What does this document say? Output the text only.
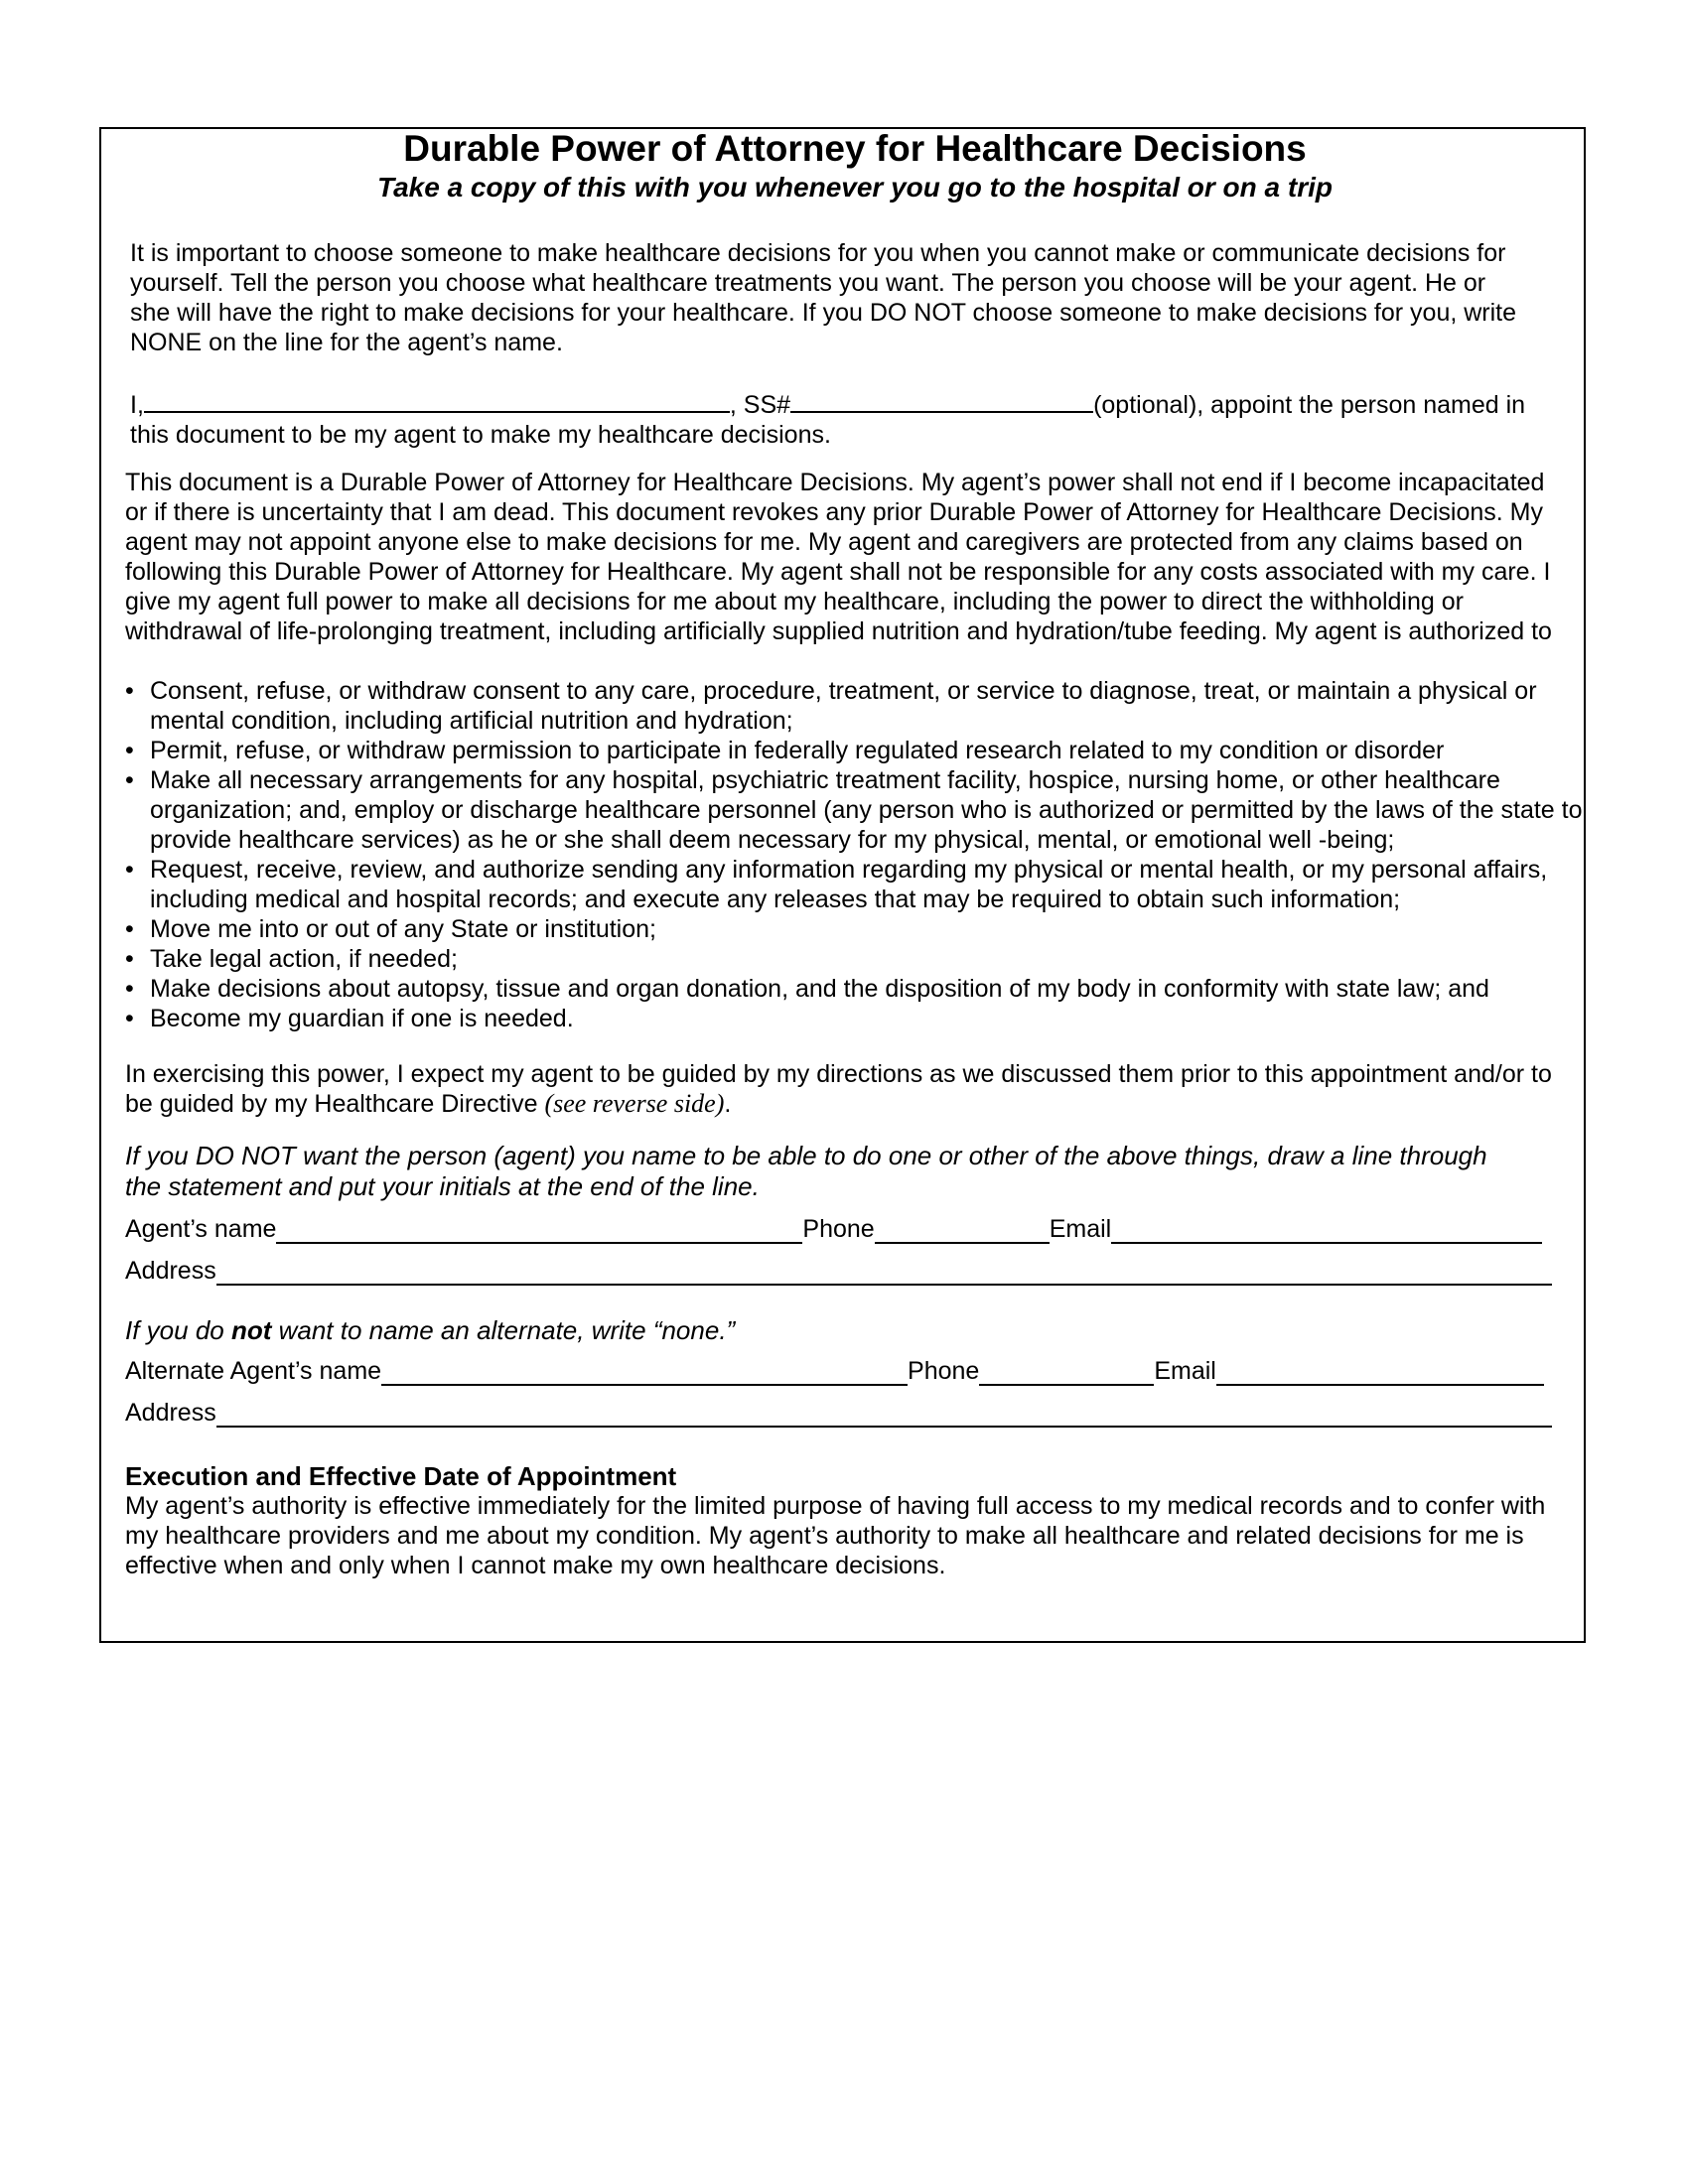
Durable Power of Attorney for Healthcare Decisions
Take a copy of this with you whenever you go to the hospital or on a trip

It is important to choose someone to make healthcare decisions for you when you cannot make or communicate decisions for yourself. Tell the person you choose what healthcare treatments you want. The person you choose will be your agent. He or she will have the right to make decisions for your healthcare. If you DO NOT choose someone to make decisions for you, write NONE on the line for the agent’s name.

I,	, SS#	(optional), appoint the person named in this document to be my agent to make my healthcare decisions.

This document is a Durable Power of Attorney for Healthcare Decisions. My agent’s power shall not end if I become incapacitated or if there is uncertainty that I am dead. This document revokes any prior Durable Power of Attorney for Healthcare Decisions. My agent may not appoint anyone else to make decisions for me. My agent and caregivers are protected from any claims based on following this Durable Power of Attorney for Healthcare. My agent shall not be responsible for any costs associated with my care. I give my agent full power to make all decisions for me about my healthcare, including the power to direct the withholding or withdrawal of life-prolonging treatment, including artificially supplied nutrition and hydration/tube feeding. My agent is authorized to

• Consent, refuse, or withdraw consent to any care, procedure, treatment, or service to diagnose, treat, or maintain a physical or mental condition, including artificial nutrition and hydration;
• Permit, refuse, or withdraw permission to participate in federally regulated research related to my condition or disorder
• Make all necessary arrangements for any hospital, psychiatric treatment facility, hospice, nursing home, or other healthcare organization; and, employ or discharge healthcare personnel (any person who is authorized or permitted by the laws of the state to provide healthcare services) as he or she shall deem necessary for my physical, mental, or emotional well -being;
• Request, receive, review, and authorize sending any information regarding my physical or mental health, or my personal affairs, including medical and hospital records; and execute any releases that may be required to obtain such information;
• Move me into or out of any State or institution;
• Take legal action, if needed;
• Make decisions about autopsy, tissue and organ donation, and the disposition of my body in conformity with state law; and
• Become my guardian if one is needed.

In exercising this power, I expect my agent to be guided by my directions as we discussed them prior to this appointment and/or to be guided by my Healthcare Directive (see reverse side).

If you DO NOT want the person (agent) you name to be able to do one or other of the above things, draw a line through the statement and put your initials at the end of the line.

Agent’s name	Phone	Email
Address

If you do not want to name an alternate, write “none.”

Alternate Agent’s name	Phone	Email
Address
Execution and Effective Date of Appointment

My agent’s authority is effective immediately for the limited purpose of having full access to my medical records and to confer with my healthcare providers and me about my condition. My agent’s authority to make all healthcare and related decisions for me is effective when and only when I cannot make my own healthcare decisions.
